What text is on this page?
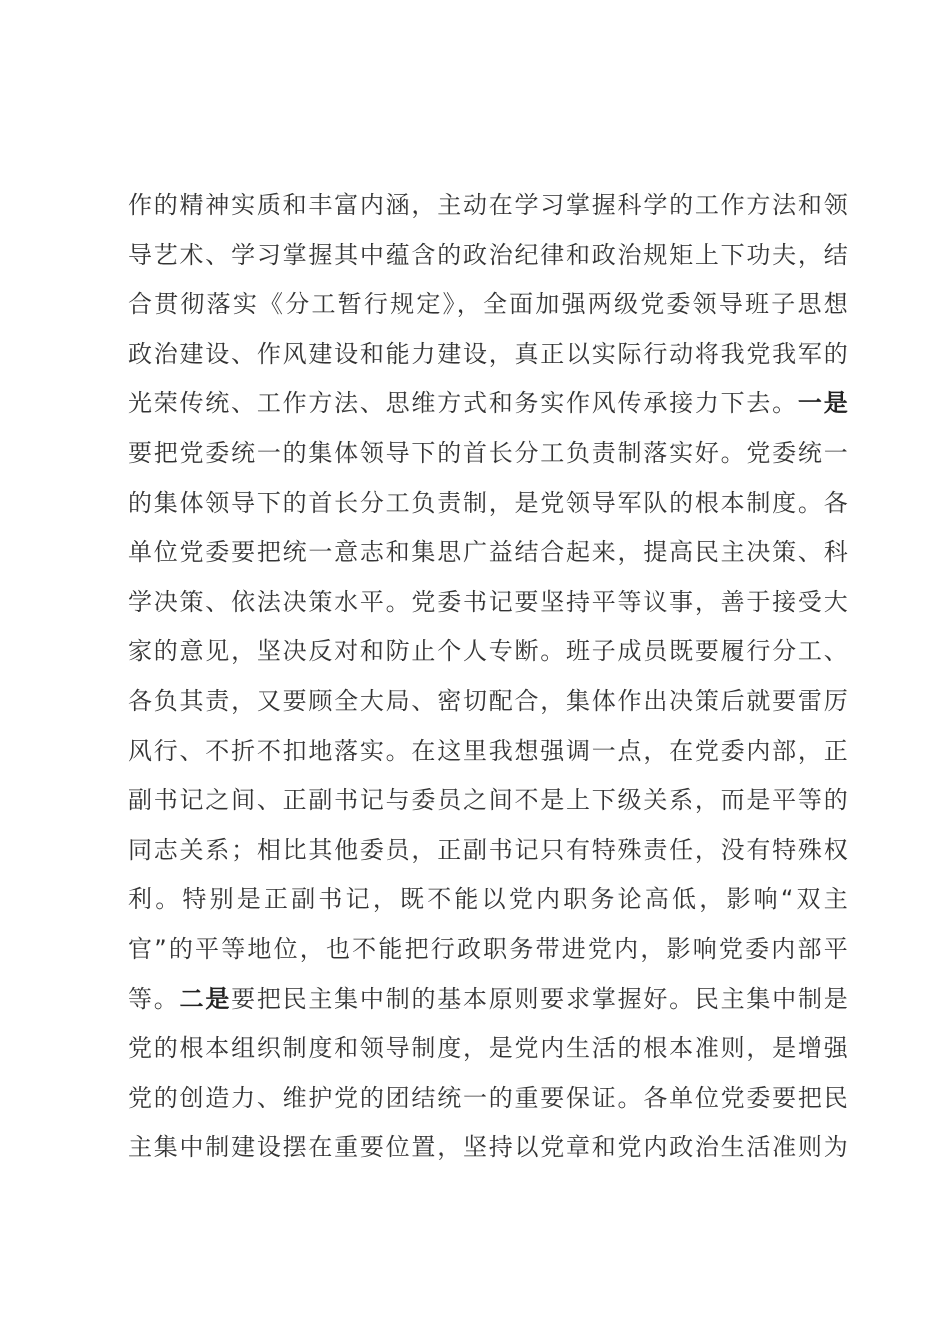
作的精神实质和丰富内涵，主动在学习掌握科学的工作方法和领
导艺术、学习掌握其中蕴含的政治纪律和政治规矩上下功夫，结
合贯彻落实《分工暂行规定》，全面加强两级党委领导班子思想
政治建设、作风建设和能力建设，真正以实际行动将我党我军的
光荣传统、工作方法、思维方式和务实作风传承接力下去。一是
要把党委统一的集体领导下的首长分工负责制落实好。党委统一
的集体领导下的首长分工负责制，是党领导军队的根本制度。各
单位党委要把统一意志和集思广益结合起来，提高民主决策、科
学决策、依法决策水平。党委书记要坚持平等议事，善于接受大
家的意见，坚决反对和防止个人专断。班子成员既要履行分工、
各负其责，又要顾全大局、密切配合，集体作出决策后就要雷厉
风行、不折不扣地落实。在这里我想强调一点，在党委内部，正
副书记之间、正副书记与委员之间不是上下级关系，而是平等的
同志关系；相比其他委员，正副书记只有特殊责任，没有特殊权
利。特别是正副书记，既不能以党内职务论高低，影响“双主
官”的平等地位，也不能把行政职务带进党内，影响党委内部平
等。二是要把民主集中制的基本原则要求掌握好。民主集中制是
党的根本组织制度和领导制度，是党内生活的根本准则，是增强
党的创造力、维护党的团结统一的重要保证。各单位党委要把民
主集中制建设摆在重要位置，坚持以党章和党内政治生活准则为
